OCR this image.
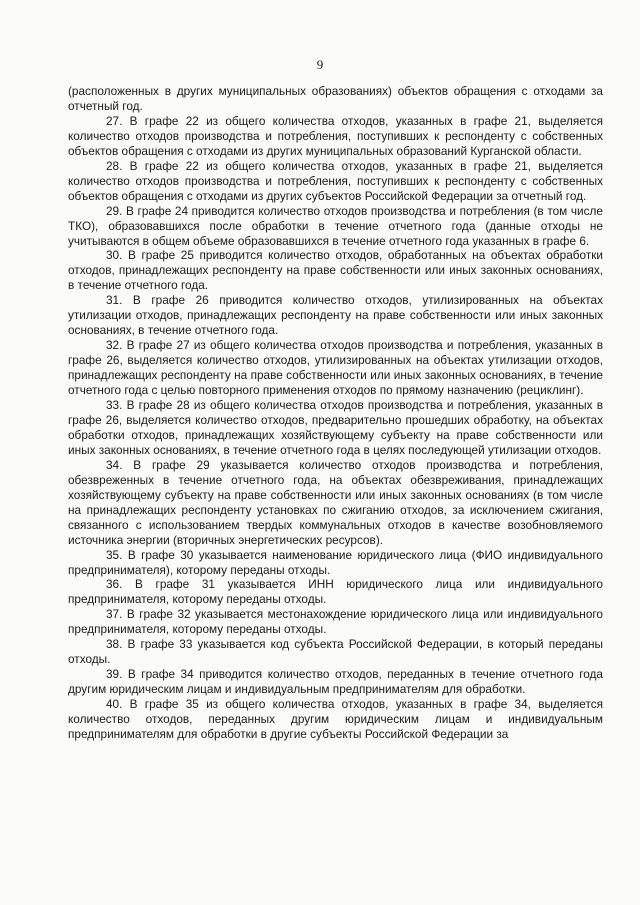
9

(расположенных в других муниципальных образованиях) объектов обращения с отходами за отчетный год.

27. В графе 22 из общего количества отходов, указанных в графе 21, выделяется количество отходов производства и потребления, поступивших к респонденту с собственных объектов обращения с отходами из других муниципальных образований Курганской области.

28. В графе 22 из общего количества отходов, указанных в графе 21, выделяется количество отходов производства и потребления, поступивших к респонденту с собственных объектов обращения с отходами из других субъектов Российской Федерации за отчетный год.

29. В графе 24 приводится количество отходов производства и потребления (в том числе ТКО), образовавшихся после обработки в течение отчетного года (данные отходы не учитываются в общем объеме образовавшихся в течение отчетного года указанных в графе 6.

30. В графе 25 приводится количество отходов, обработанных на объектах обработки отходов, принадлежащих респонденту на праве собственности или иных законных основаниях, в течение отчетного года.

31. В графе 26 приводится количество отходов, утилизированных на объектах утилизации отходов, принадлежащих респонденту на праве собственности или иных законных основаниях, в течение отчетного года.

32. В графе 27 из общего количества отходов производства и потребления, указанных в графе 26, выделяется количество отходов, утилизированных на объектах утилизации отходов, принадлежащих респонденту на праве собственности или иных законных основаниях, в течение отчетного года с целью повторного применения отходов по прямому назначению (рециклинг).

33. В графе 28 из общего количества отходов производства и потребления, указанных в графе 26, выделяется количество отходов, предварительно прошедших обработку, на объектах обработки отходов, принадлежащих хозяйствующему субъекту на праве собственности или иных законных основаниях, в течение отчетного года в целях последующей утилизации отходов.

34. В графе 29 указывается количество отходов производства и потребления, обезвреженных в течение отчетного года, на объектах обезвреживания, принадлежащих хозяйствующему субъекту на праве собственности или иных законных основаниях (в том числе на принадлежащих респонденту установках по сжиганию отходов, за исключением сжигания, связанного с использованием твердых коммунальных отходов в качестве возобновляемого источника энергии (вторичных энергетических ресурсов).

35. В графе 30 указывается наименование юридического лица (ФИО индивидуального предпринимателя), которому переданы отходы.

36. В графе 31 указывается ИНН юридического лица или индивидуального предпринимателя, которому переданы отходы.

37. В графе 32 указывается местонахождение юридического лица или индивидуального предпринимателя, которому переданы отходы.

38. В графе 33 указывается код субъекта Российской Федерации, в который переданы отходы.

39. В графе 34 приводится количество отходов, переданных в течение отчетного года другим юридическим лицам и индивидуальным предпринимателям для обработки.

40. В графе 35 из общего количества отходов, указанных в графе 34, выделяется количество отходов, переданных другим юридическим лицам и индивидуальным предпринимателям для обработки в другие субъекты Российской Федерации за
